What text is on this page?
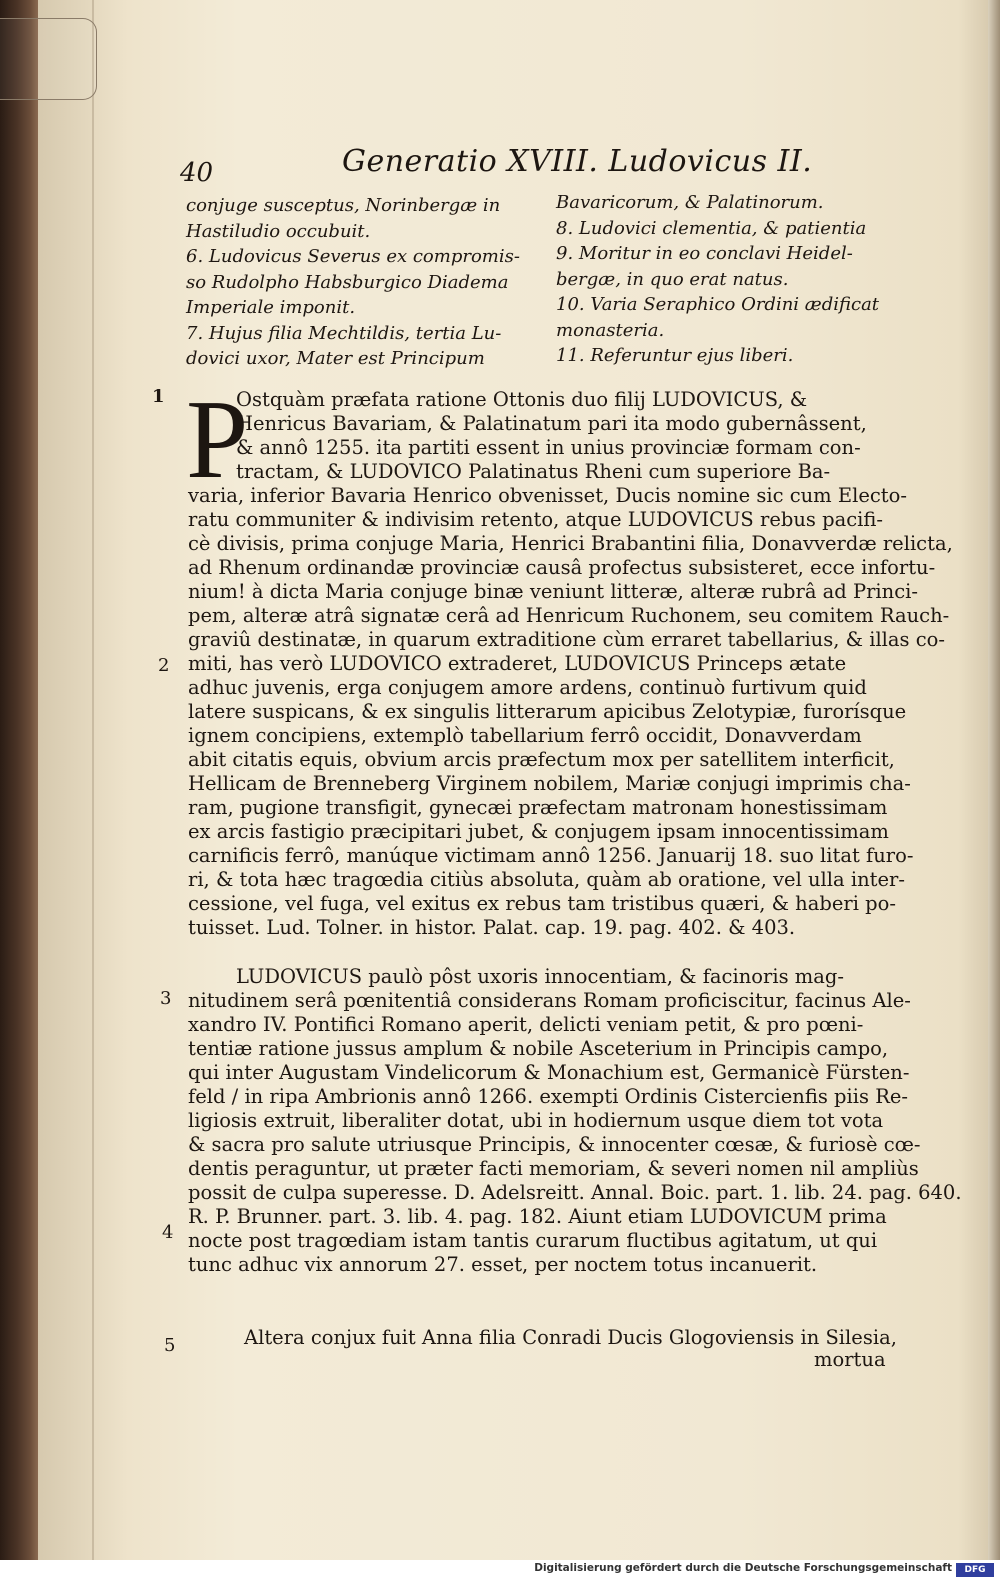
40	Generatio XVIII. Ludovicus II.
conjuge susceptus, Norinbergæ in
Hastiludio occubuit.
6. Ludovicus Severus ex compromis-
so Rudolpho Habsburgico Diadema
Imperiale imponit.
7. Hujus filia Mechtildis, tertia Lu-
dovici uxor, Mater est Principum
Bavaricorum, & Palatinorum.
8. Ludovici clementia, & patientia
9. Moritur in eo conclavi Heidel-
bergæ, in quo erat natus.
10. Varia Seraphico Ordini ædificat
monasteria.
11. Referuntur ejus liberi.
1
2
3
4
5
P
Ostquàm præfata ratione Ottonis duo filij LUDOVICUS, &
Henricus Bavariam, & Palatinatum pari ita modo gubernâssent,
& annô 1255. ita partiti essent in unius provinciæ formam con-
tractam, & LUDOVICO Palatinatus Rheni cum superiore Ba-
varia, inferior Bavaria Henrico obvenisset, Ducis nomine sic cum Electo-
ratu communiter & indivisim retento, atque LUDOVICUS rebus pacifi-
cè divisis, prima conjuge Maria, Henrici Brabantini filia, Donavverdæ relicta,
ad Rhenum ordinandæ provinciæ causâ profectus subsisteret, ecce infortu-
nium! à dicta Maria conjuge binæ veniunt litteræ, alteræ rubrâ ad Princi-
pem, alteræ atrâ signatæ cerâ ad Henricum Ruchonem, seu comitem Rauch-
graviû destinatæ, in quarum extraditione cùm erraret tabellarius, & illas co-
miti, has verò LUDOVICO extraderet, LUDOVICUS Princeps ætate
adhuc juvenis, erga conjugem amore ardens, continuò furtivum quid
latere suspicans, & ex singulis litterarum apicibus Zelotypiæ, furorísque
ignem concipiens, extemplò tabellarium ferrô occidit, Donavverdam
abit citatis equis, obvium arcis præfectum mox per satellitem interficit,
Hellicam de Brenneberg Virginem nobilem, Mariæ conjugi imprimis cha-
ram, pugione transfigit, gynecæi præfectam matronam honestissimam
ex arcis fastigio præcipitari jubet, & conjugem ipsam innocentissimam
carnificis ferrô, manúque victimam annô 1256. Januarij 18. suo litat furo-
ri, & tota hæc tragœdia citiùs absoluta, quàm ab oratione, vel ulla inter-
cessione, vel fuga, vel exitus ex rebus tam tristibus quæri, & haberi po-
tuisset. Lud. Tolner. in histor. Palat. cap. 19. pag. 402. & 403.
LUDOVICUS paulò pôst uxoris innocentiam, & facinoris mag-
nitudinem serâ pœnitentiâ considerans Romam proficiscitur, facinus Ale-
xandro IV. Pontifici Romano aperit, delicti veniam petit, & pro pœni-
tentiæ ratione jussus amplum & nobile Asceterium in Principis campo,
qui inter Augustam Vindelicorum & Monachium est, Germanicè Fürsten-
feld / in ripa Ambrionis annô 1266. exempti Ordinis Cistercienfis piis Re-
ligiosis extruit, liberaliter dotat, ubi in hodiernum usque diem tot vota
& sacra pro salute utriusque Principis, & innocenter cœsæ, & furiosè cœ-
dentis peraguntur, ut præter facti memoriam, & severi nomen nil ampliùs
possit de culpa superesse. D. Adelsreitt. Annal. Boic. part. 1. lib. 24. pag. 640.
R. P. Brunner. part. 3. lib. 4. pag. 182. Aiunt etiam LUDOVICUM prima
nocte post tragœdiam istam tantis curarum fluctibus agitatum, ut qui
tunc adhuc vix annorum 27. esset, per noctem totus incanuerit.
Altera conjux fuit Anna filia Conradi Ducis Glogoviensis in Silesia,
mortua
Digitalisierung gefördert durch die Deutsche Forschungsgemeinschaft	DFG
